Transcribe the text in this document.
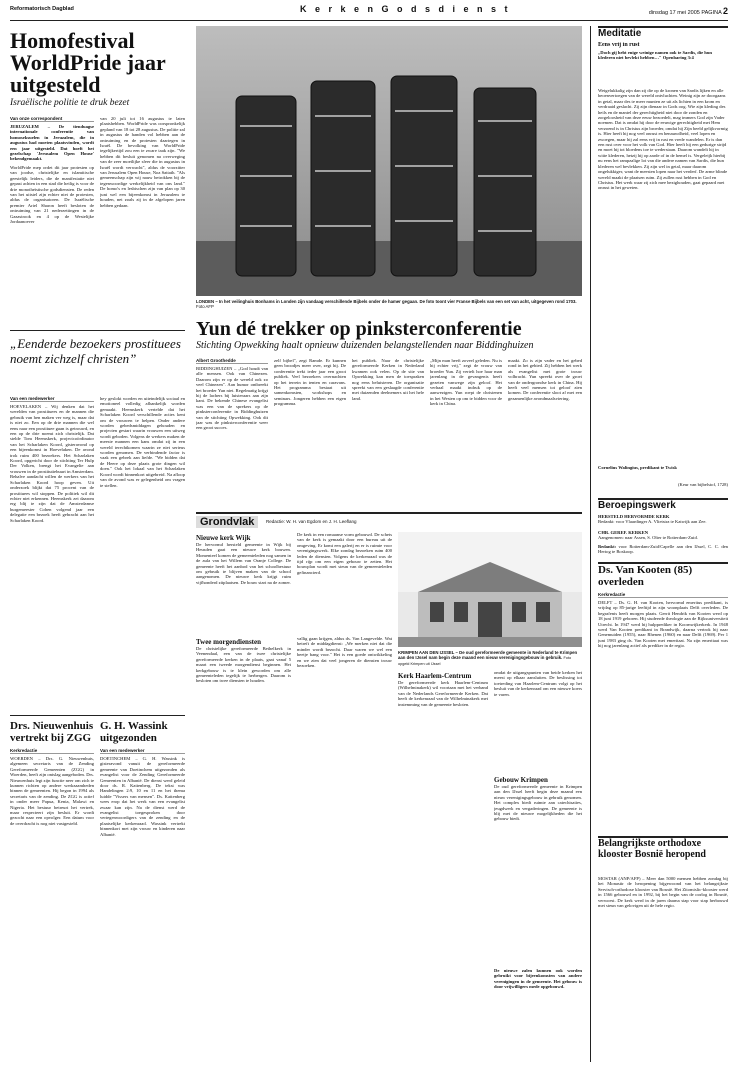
Reformatorisch Dagblad	K e r k e n G o d s d i e n s t	dinsdag 17 mei 2005 PAGINA 2
Homofestival WorldPride jaar uitgesteld
Israëlische politie te druk bezet
Van onze correspondent
JERUZALEM – De tienduagse internationale conferentie van homoseksuelen in Jeruzalem, die in augustus had moeten plaatsvinden, wordt een jaar uitgesteld. Dat hoeft het gezelschap 'Jerusalem Open House' bekendgemaakt.
WorldPride mep ordet dit jaar protesten op van joodse, christelijke en islamitische geestelijk leiders, die de manifestatie niet gepast achten in een stad die heilig is voor de drie monotheïstische godsdiensten. De reden van het uitstel zijn echter niet de protesten, aldus de organisatoren. De Israëlische premier Ariel Sharon heeft besloten de ontruiming van 21 nederzettingen in de Gazastrook en 4 op de Westelijke Jordaanoever
van 20 juli tot 16 augustus te laten plaatshebben. WorldPride was oorspronkelijk gepland van 18 tot 28 augustus. De politie zal in augustus de handen vol hebben aan de ontruiming en de protesten daartegen in Israël. De bevolking van WorldPride tegelijkertijd zou een te zware taak zijn. "We hebben dit besluit genomen na overweging van de zeer moeilijke sfeer die in augustus in Israël wordt verwacht", aldus de voorzitter van Jerusalem Open House, Noa Sattath. "Als gemeenschap zijn wij nauw betrokken bij de tegenwoordige werkelijkheid van ons land." De homo's en lesbischen zijn van plan op 30 juni wel een bijeenkomst in Jeruzalem te houden, net zoals zij in de afgelopen jaren hebben gedaan.
„Eenderde bezoekers prostituees noemt zichzelf christen”
Van een medewerker
HOEVELAKEN – Wij denken dat het werelden van prostituees en de mannen die gebruik van hen maken ver weg is, maar dat is niet zo. Een op de drie mannen die wel eens naar een prostituee gaan is getrouwd, en een op de drie noemt zich christelijk. Dat stelde Tom Heemskerk, projectcoördinator van het Scharlaken Koord, gisteravond op een bijeenkomst in Hoevelaken. De avond trok ruim 400 bezoekers. Het Scharlaken Koord, opgericht door de stichting Ter Hulp Der Volken, brengt het Evangelie aan vrouwen in de prostitutiebuurt in Amsterdam. Behalve aandacht willen de werkers van het Scharlaken Koord hoop geven. Uit onderzoek blijkt dat 75 procent van de prostituees wil stoppen. De politiek wil dit echter niet erkennen. Heemskerk zei daarom erg blij te zijn dat de Amsterdamse burgemeester Cohen volgend jaar een delegatie een bezoek heeft gebracht aan het Scharlaken Koord.
hey geslokt worden en uiteindelijk sociaal en emotioneel volledig afhankelijk worden gemaakt. Heemskerk vertelde dat het Scharlaken Koord verschillende acties kent om de vrouwen te helpen. Onder andere worden gebedsmiddagen gehouden en projecten gestart waarin vrouwen een uitweg wordt geboden. Volgens de werkers maken de meeste mannen een kans omdat zij in een wereld terechtkomen waarin ze niet serieus worden genomen. De verbindende factor is vaak een gebrek aan liefde. "We bidden dat de Heere op deze plaats grote dingen wil doen." Ook het lokaal van het Scharlaken Koord wordt binnenkort uitgebreid. Na afloop van de avond was er gelegenheid om vragen te stellen.
Drs. Nieuwenhuis vertrekt bij ZGG
Kerkredactie
WOERDEN – Drs. G. Nieuwenhuis, algemeen secretaris van de Zending Gereformeerde Gemeenten (ZGG) in Woerden, heeft zijn ontslag aangeboden. Drs. Nieuwenhuis legt zijn functie neer om zich te kunnen richten op andere werkzaamheden binnen de gemeenten. Hij begon in 1994 als secretaris van de zending. De ZGG is actief in onder meer Papua, Kenia, Malawi en Nigeria. Het bestuur betreurt het vertrek, maar respecteert zijn besluit. Er wordt gezocht naar een opvolger. Een datum voor de overdracht is nog niet vastgesteld.
G. H. Wassink uitgezonden
Van een medewerker
DOETINCHEM – G. H. Wassink is gisteravond vanuit de gereformeerde gemeente van Doetinchem uitgezonden als evangelist voor de Zending Gereformeerde Gemeenten in Albanië. De dienst werd geleid door ds. R. Kattenberg. De tekst was Handelingen 2:9, 10 en 11 en het thema luidde "Vissers van mensen". Ds. Kattenberg wees erop dat het werk van een evangelist zwaar kan zijn. Na de dienst werd de evangelist toegesproken door vertegenwoordigers van de zending en de plaatselijke kerkenraad. Wassink vertrekt binnenkort met zijn vrouw en kinderen naar Albanië.
LONDEN – In het veilinghuis Bonhams in Londen zijn vandaag verschillende Bijbels onder de hamer gegaan. De foto toont vier Franse Bijbels van een set van acht, uitgegeven rond 1703. Foto AFP
Yun dé trekker op pinksterconferentie
Stichting Opwekking haalt opnieuw duizenden belangstellenden naar Biddinghuizen
Albert Groothedde
BIDDINGHUIZEN – „God houdt van alle mensen. Ook van Chinezen. Daarom zijn er op de wereld ook zo veel Chinezen". Aan humor ontbreekt het broeder Yun niet. Regelmatig krijgt hij de lachers bij luisteraars aan zijn kant. De bekende Chinese evangelist was een van de sprekers op de pinksterconferentie in Biddinghuizen van de stichting Opwekking. Ook dit jaar was de pinksterconferentie weer een groot succes.
zelf bijbel", zegt Ramde. Er kunnen geen broodjes meer over, zegt hij. De conferentie trekt ieder jaar een groot publiek. Veel bezoekers overnachten op het terrein in tenten en caravans. Het programma bestaat uit samenkomsten, workshops en seminars. Jongeren hebben een eigen programma.
het publiek. Naar de christelijke gereformeerde Kerken in Nederland kwamen ook velen. Op de site van Opwekking kan men de toespraken nog eens beluisteren. De organisatie spreekt van een geslaagde conferentie met duizenden deelnemers uit het hele land.
„Mijn man heeft zoveel geleden. Nu is hij echter vrij," zegt de vrouw van broeder Yun. Zij vertelt hoe haar man jarenlang in de gevangenis heeft gezeten vanwege zijn geloof. Het verhaal maakt indruk op de aanwezigen. Yun roept de christenen in het Westen op om te bidden voor de kerk in China.
maakt. Zo is zijn vader en het gebed rond in het gebied. Zij hebben het werk als evangelist met grote trouw volbracht. Yun spreekt over de groei van de ondergrondse kerk in China. Hij heeft veel mensen tot geloof zien komen. De conferentie sloot af met een gezamenlijke avondmaalsviering.
Grondvlak	Redactie: W. H. van Egdom en J. H. Leeflang
Nieuwe kerk Wijk
De hervormd hersteld gemeente in Wijk bij Heusden gaat een nieuwe kerk bouwen. Momenteel komen de gemeenteleden nog samen in de aula van het Willem van Oranje College. De gemeente heeft het aanbod van het schoolbestuur om gebruik te blijven maken van de school aangenomen. De nieuwe kerk krijgt ruim vijfhonderd zitplaatsen. De bouw start na de zomer.
De kerk in een romaanse vorm gebouwd. De schets van de kerk is gemaakt door een bureau uit de omgeving. Er komt een galerij en er is ruimte voor verenigingswerk. Elke zondag bezoeken ruim 400 leden de diensten. Volgens de kerkenraad was de tijd rijp om een eigen gebouw te zetten. Het bouwplan wordt met steun van de gemeenteleden gefinancierd.
KRIMPEN AAN DEN IJSSEL – De oud gereformeerde gemeente in Nederland te Krimpen aan den IJssel nam begin deze maand een nieuw verenigingsgebouw in gebruik. Foto opgeld Krimpen uit IJssel
Twee morgendiensten
De christelijke gereformeerde Bethelkerk in Veenendaal, een van de twee christelijke gereformeerde kerken in de plaats, gaat vanaf 5 maart een tweede morgendienst beginnen. Het kerkgebouw is te klein geworden om alle gemeenteleden tegelijk te herbergen. Daarom is besloten om twee diensten te houden.
vallig gaan krijgen, aldus ds. Van Langevelde. Wat betreft de middagdienst: „We merken niet dat die minder wordt bezocht. Daar waren we wel een beetje bang voor." Het is een goede ontwikkeling en we zien dat veel jongeren de diensten trouw bezoeken.
Kerk Haarlem-Centrum
De gereformeerde kerk Haarlem-Centrum (Wilhelminakerk) wil voortaan met het verband van de Nederlands Gereformeerde Kerken. Dat heeft de kerkenraad van de Wilhelminakerk met instemming van de gemeente besloten.
omdat de uitgangspunten van beide kerken het meest op elkaar aansluiten. De beslissing tot toetreding van Haarlem-Centrum volgt op het besluit van de kerkenraad om een nieuwe koers te varen.
Gebouw Krimpen
De oud gereformeerde gemeente in Krimpen aan den IJssel heeft begin deze maand een nieuw verenigingsgebouw in gebruik genomen. Het complex biedt ruimte aan catechisaties, jeugdwerk en vergaderingen. De gemeente is blij met de nieuwe mogelijkheden die het gebouw biedt.
De nieuwe zalen kunnen ook worden gebruikt voor bijeenkomsten van andere verenigingen in de gemeente. Het gebouw is door vrijwilligers mede opgebouwd.
Meditatie
Eens vrij in rust
„Doch gij hebt enige weinige namen ook te Sardis, die hun klederen niet bevlekt hebben…" Openbaring 3:4
Weigelukkalig zijn dan zij die op de kronen van Sardis lijken en alle beoenvertoegen van de wereld ontvluchten. Weinig zijn ze doorgaans in getal, maar des te meer munten ze uit als lichten in een krom en verdraaid geslacht. Zij zijn dienaar in Gods oog. Wie zijn kleding des heils en de mantel der gerechtigheid niet door de zonden en zorgeloosheid van deze eeuw bezoedelt, mag immers God zijn Vader noemen. Dat is omdat hij door de eeuwige gerechtigheid met Hem verzoend is in Christus zijn broeder, omdat hij Zijn beeld gelijkvormig is. Hier heeft hij nog veel onrust en benauwdheid, veel lopen en zwoegen, maar hij zal eens vrij in rust en vrede wandelen. Er is dan een rust over voor het volk van God. Hier heeft hij een gedurige strijd en moet hij tot bloedens toe te wederstaan. Daarom wandelt hij in witte klederen, hetzij hij op aarde of in de hemel is. Vergeleijk hierbij nu eens het rampzalige lot van die andere namen van Sardis, die hun klederen wel bevlekken. Zij zijn wel in getal, maar daarom ongelukkiger, want de meesten lopen naar het verderf. De arme blinde wereld maakt de plaatsen ruim. Zij zullen rust hebben in God en Christus. Het werk waar zij zich mee bezighouden, gaat gepaard met onrust in het geweten.
Cornelius Walingius, predikant te Twisk
(Keur van bijbelstof, 1728)
Beroepingswerk
HERSTELD HERVORMDE KERK
Bedankt: voor Vlaardinger A. Vlietstra te Katwijk aan Zee.
CHR. GEREF. KERKEN
Aangenomen: naar Assen, S. Olter te Rotterdam-Zuid.
Bedankt: voor Rotterdam-Zuid/Capelle aan den IJssel, C. C. den Hertog te Boskoop.
Ds. Van Kooten (85) overleden
Kerkredactie
DELFT – Ds. G. H. van Kooten, hervormd emeritus predikant, is vrijdag op 85-jarige leeftijd in zijn woonplaats Delft overleden. De begrafenis heeft morgen plaats. Gerrit Hendrik van Kooten werd op 18 juni 1919 geboren. Hij studeerde theologie aan de Rijksuniversiteit Utrecht. In 1947 werd hij hulpprediker in Koornwijkerkerk. In 1948 werd Van Kooten predikant in Brandwijk, daarna vertrok hij naar Genemuiden (1955), naar Rhenen (1960) en naar Delft (1969). Per 1 juni 1983 ging ds. Van Kooten met emeritaat. Na zijn emeritaat was hij nog jarenlang actief als prediker in de regio.
Belangrijkste orthodoxe klooster Bosnië heropend
MOSTAR (ANP/AFP) – Meer dan 5000 mensen hebben zondag bij het Monastir de heropening bijgewoond van het belangrijkste Servisch-orthodoxe klooster van Bosnië. Het Zitomislic-klooster werd in 1566 gebouwd en in 1992, bij het begin van de oorlog in Bosnië, verwoest. De kerk werd in de jaren daarna stap voor stap herbouwd met steun van gelovigen uit de hele regio.
